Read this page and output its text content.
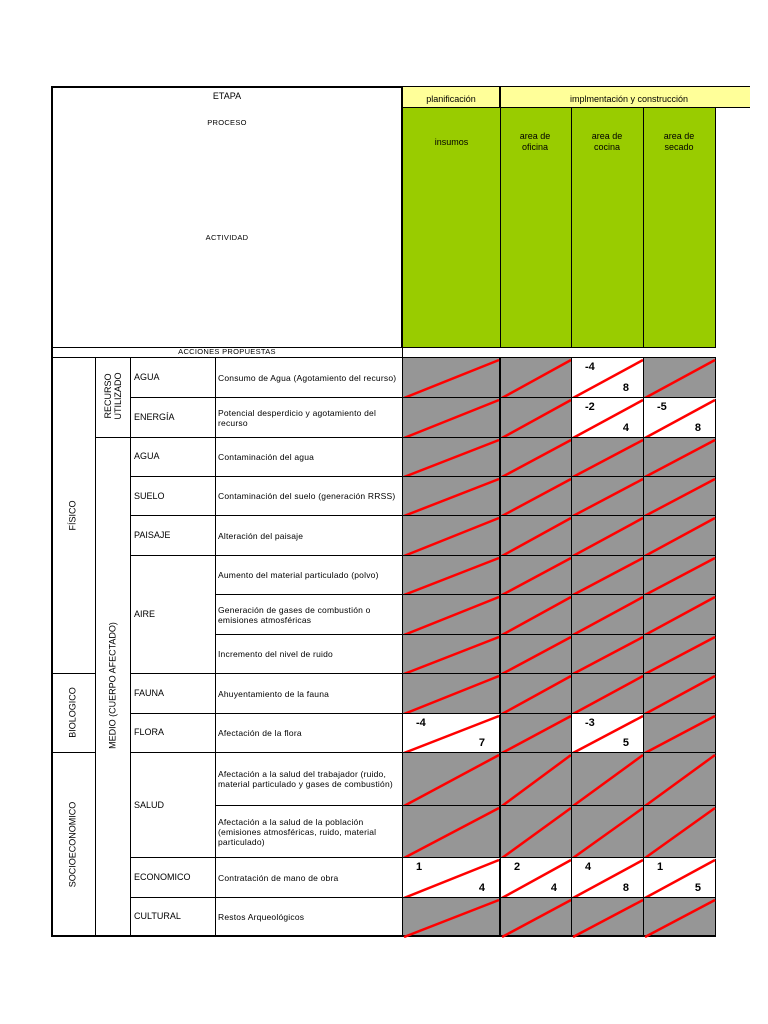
ETAPA
PROCESO
ACTIVIDAD
planificación	implmentación y construcción
insumos
area de oficina
area de cocina
area de secado
ACCIONES PROPUESTAS
FÍSICO
BIOLOGICO
SOCIOECONOMICO
RECURSO UTILIZADO
MEDIO (CUERPO AFECTADO)
Consumo de Agua (Agotamiento del recurso)
-4
8
Potencial desperdicio y agotamiento del recurso
-2
4
-5
8
Contaminación del agua
Contaminación del suelo (generación RRSS)
Alteración del paisaje
Aumento del material particulado (polvo)
Generación de gases de combustión o emisiones atmosféricas
Incremento del nivel de ruido
Ahuyentamiento de la fauna
Afectación de la flora
-4
7
-3
5
Afectación a la salud del trabajador (ruido, material particulado y gases de combustión)
Afectación a la salud de la población (emisiones atmosféricas, ruido, material particulado)
Contratación de mano de obra
1
4
2
4
4
8
1
5
Restos Arqueológicos
AGUA
ENERGÍA
AGUA
SUELO
PAISAJE
AIRE
FAUNA
FLORA
SALUD
ECONOMICO
CULTURAL
